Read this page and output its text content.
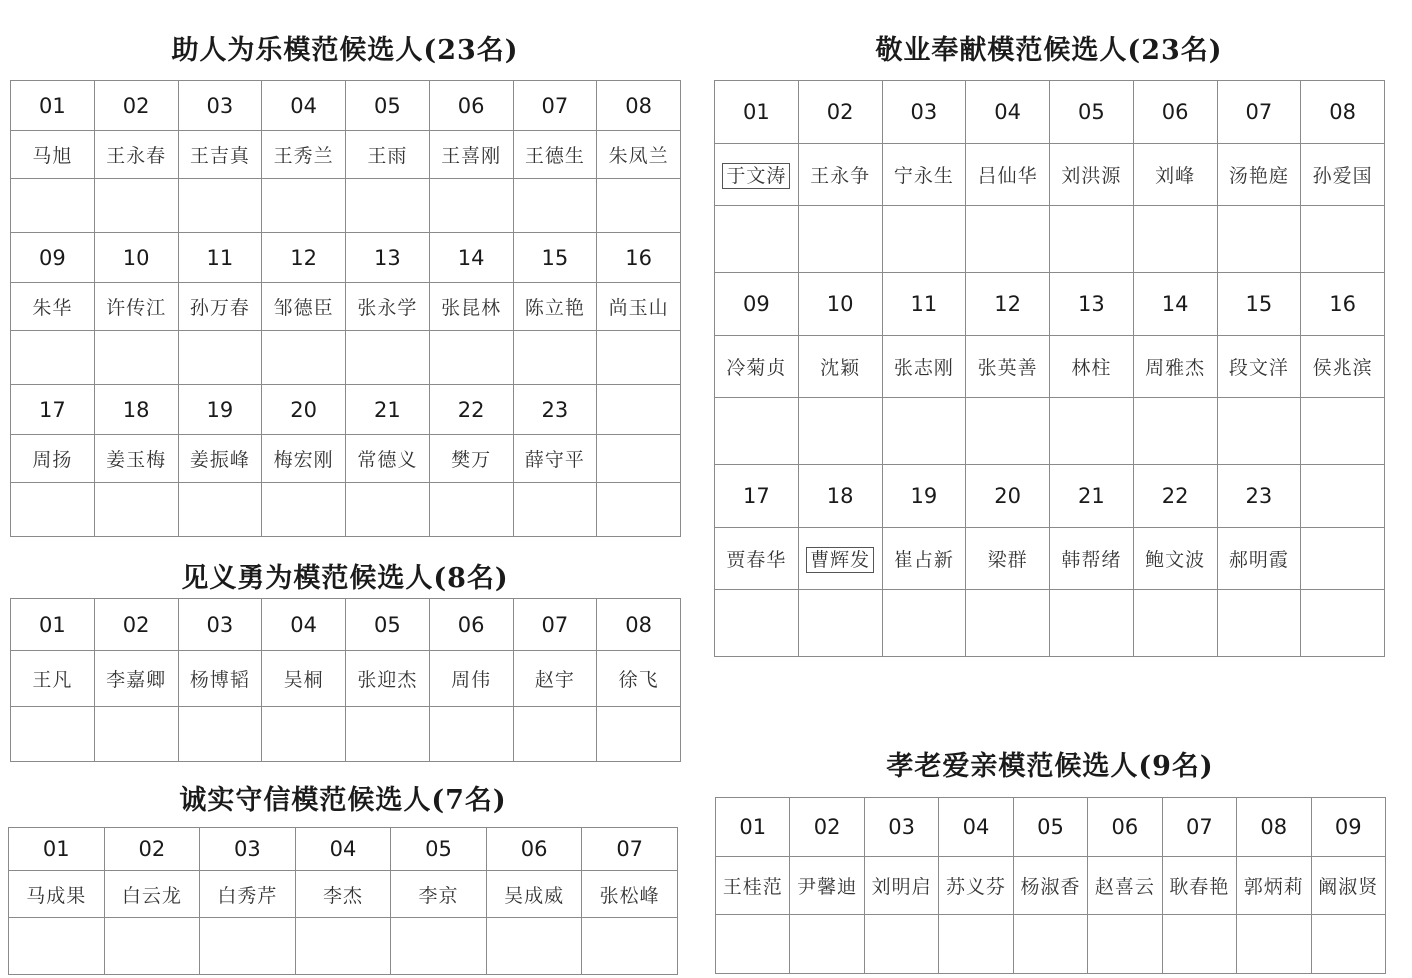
助人为乐模范候选人(23名)
01	02	03	04	05	06	07	08
马旭	王永春	王吉真	王秀兰	王雨	王喜刚	王德生	朱凤兰

09	10	11	12	13	14	15	16
朱华	许传江	孙万春	邹德臣	张永学	张昆林	陈立艳	尚玉山

17	18	19	20	21	22	23	
周扬	姜玉梅	姜振峰	梅宏刚	常德义	樊万	薛守平	

见义勇为模范候选人(8名)
01	02	03	04	05	06	07	08
王凡	李嘉卿	杨博韬	吴桐	张迎杰	周伟	赵宇	徐飞

诚实守信模范候选人(7名)
01	02	03	04	05	06	07
马成果	白云龙	白秀芹	李杰	李京	吴成威	张松峰

敬业奉献模范候选人(23名)
01	02	03	04	05	06	07	08
于文涛	王永争	宁永生	吕仙华	刘洪源	刘峰	汤艳庭	孙爱国

09	10	11	12	13	14	15	16
冷菊贞	沈颖	张志刚	张英善	林柱	周雅杰	段文洋	侯兆滨

17	18	19	20	21	22	23	
贾春华	曹辉发	崔占新	梁群	韩帮绪	鲍文波	郝明霞	

孝老爱亲模范候选人(9名)
01	02	03	04	05	06	07	08	09
王桂范	尹馨迪	刘明启	苏义芬	杨淑香	赵喜云	耿春艳	郭炳莉	阚淑贤
